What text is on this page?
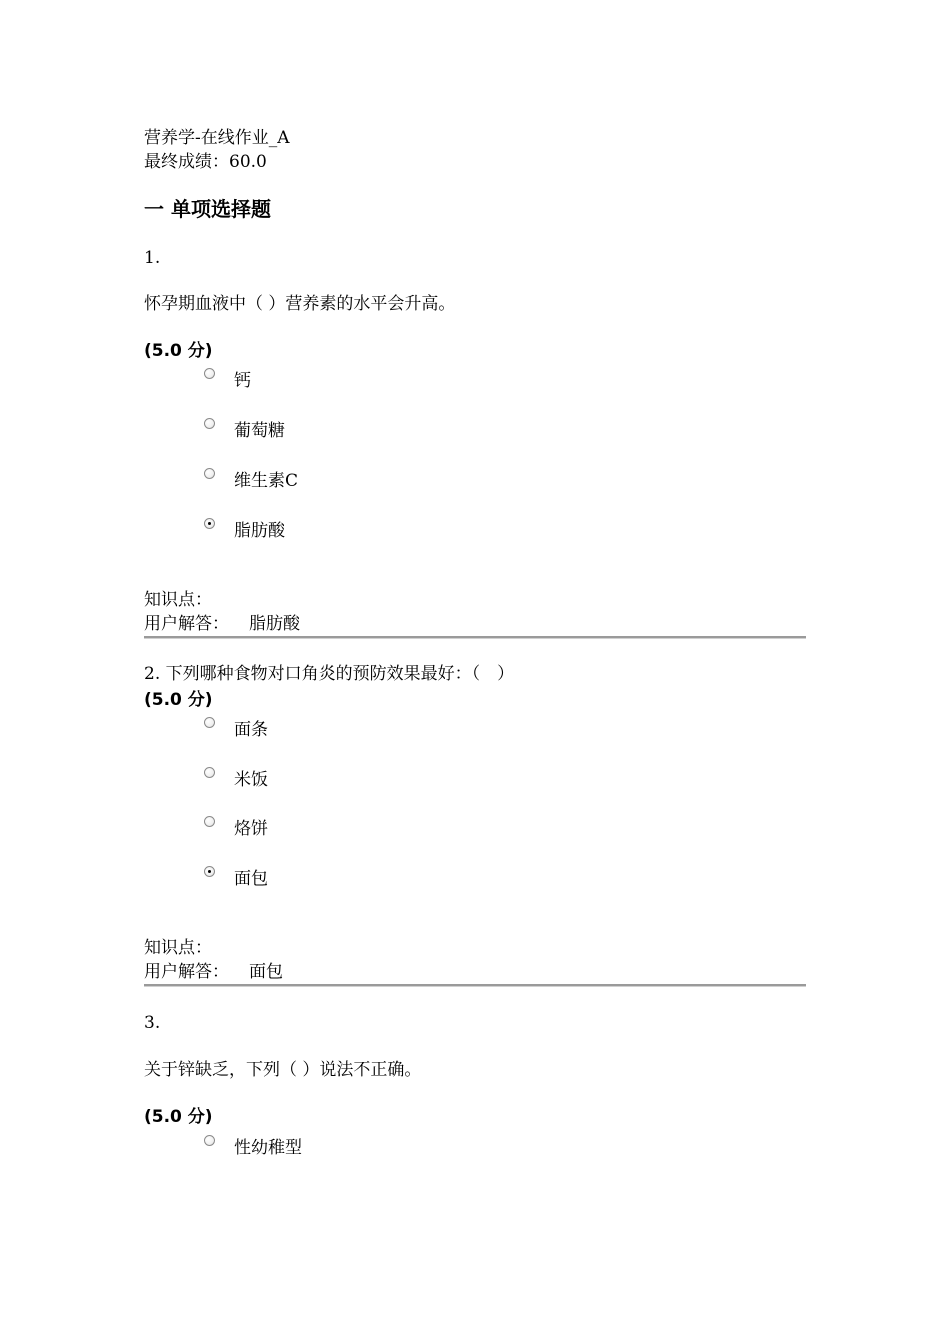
营养学-在线作业_A
最终成绩：60.0
一 单项选择题
1.
怀孕期血液中（ ）营养素的水平会升高。
(5.0 分)
钙
葡萄糖
维生素C
脂肪酸
知识点：
用户解答： 脂肪酸
2. 下列哪种食物对口角炎的预防效果最好：（　）
(5.0 分)
面条
米饭
烙饼
面包
知识点：
用户解答： 面包
3.
关于锌缺乏，下列（ ）说法不正确。
(5.0 分)
性幼稚型
